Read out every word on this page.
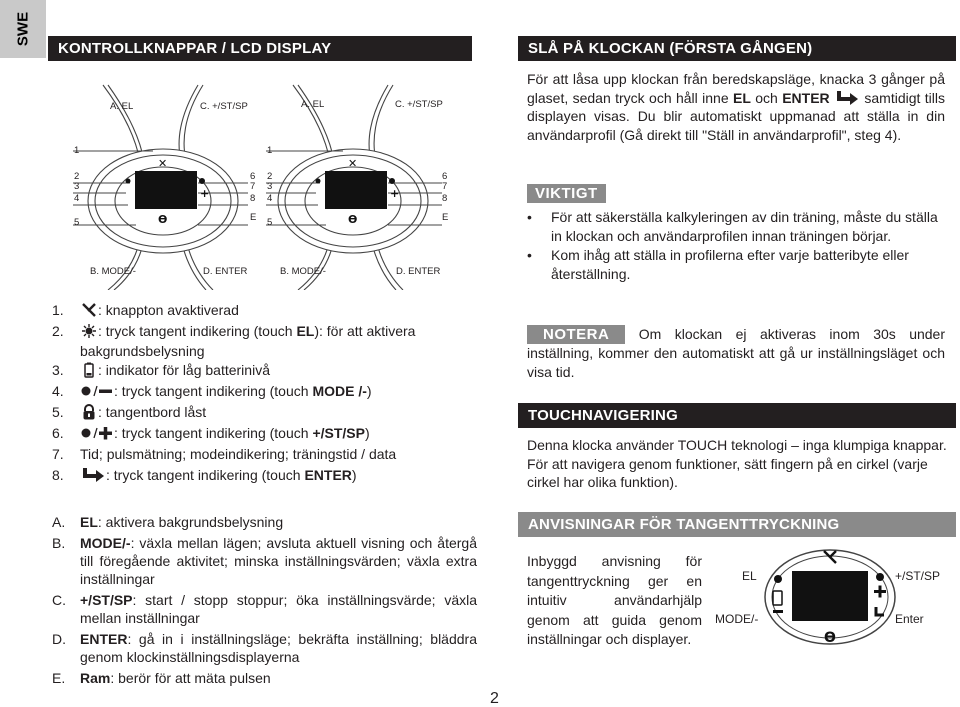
SWE
KONTROLLKNAPPAR / LCD DISPLAY
✕	✕
ϴ	ϴ
+	+
A. EL	C. +/ST/SP
1
2
3
4
5
6
7
8
E
B. MODE/-	D. ENTER
A. EL	C. +/ST/SP
1
2
3
4
5
6
7
8
E
B. MODE/-	D. ENTER
1. : knappton avaktiverad
2. : tryck tangent indikering (touch EL): för att aktivera
bakgrundsbelysning
3. : indikator för låg batterinivå
4.	: tryck tangent indikering (touch MODE /-)
5. : tangentbord låst
6.	: tryck tangent indikering (touch +/ST/SP)
7. Tid; pulsmätning; modeindikering; träningstid / data
8.	: tryck tangent indikering (touch ENTER)
A. EL: aktivera bakgrundsbelysning
B. MODE/-: växla mellan lägen; avsluta aktuell visning och återgå till föregående aktivitet; minska inställningsvärden; växla extra inställningar
C. +/ST/SP: start / stopp stoppur; öka inställningsvärde; växla mellan inställningar
D. ENTER: gå in i inställningsläge; bekräfta inställning; bläddra genom klockinställningsdisplayerna
E. Ram: berör för att mäta pulsen
SLÅ PÅ KLOCKAN (FÖRSTA GÅNGEN)
För att låsa upp klockan från beredskapsläge, knacka 3 gånger på glaset, sedan tryck och håll inne EL och ENTER
samtidigt tills displayen visas. Du blir automatiskt uppmanad att ställa in din användarprofil (Gå direkt till "Ställ in användarprofil", steg 4).
VIKTIGT
• För att säkerställa kalkyleringen av din träning, måste du ställa in klockan och användarprofilen innan träningen börjar.
• Kom ihåg att ställa in profilerna efter varje batteribyte eller återställning.
NOTERA Om klockan ej aktiveras inom 30s under inställning, kommer den automatiskt att gå ur inställningsläget och visa tid.
TOUCHNAVIGERING
Denna klocka använder TOUCH teknologi – inga klumpiga knappar. För att navigera genom funktioner, sätt fingern på en cirkel (varje cirkel har olika funktion).
ANVISNINGAR FÖR TANGENTTRYCKNING
Inbyggd anvisning för tangenttryckning ger en intuitiv användarhjälp genom att guida genom inställningar och displayer.	ϴ
EL	+/ST/SP
MODE/-	Enter
2
